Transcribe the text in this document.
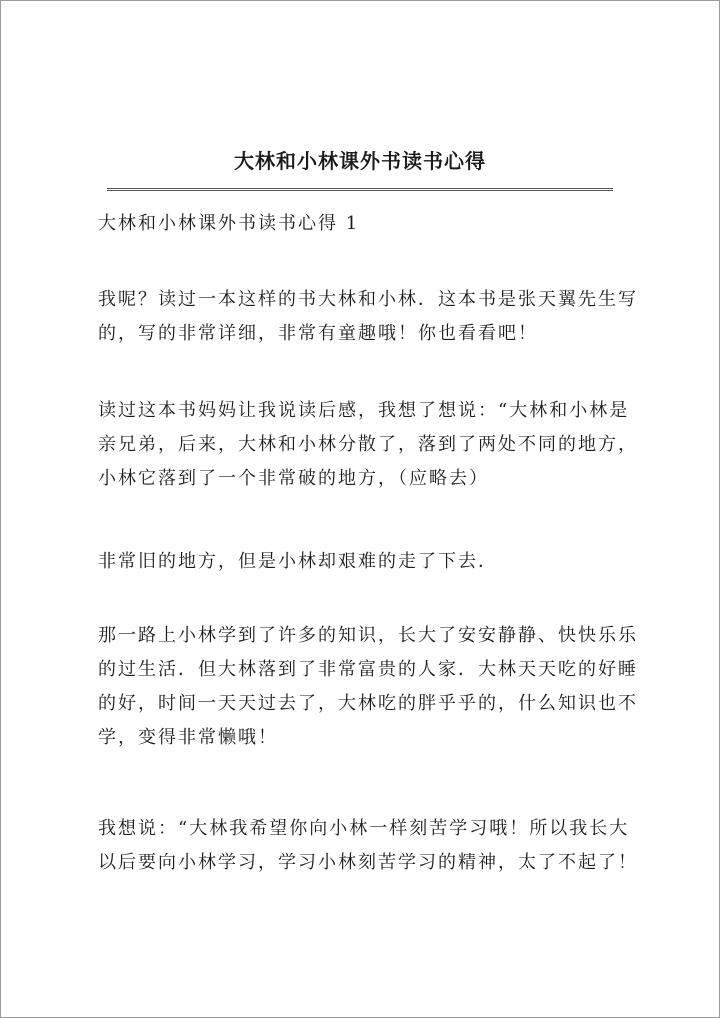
大林和小林课外书读书心得

大林和小林课外书读书心得 1

我呢？读过一本这样的书大林和小林．这本书是张天翼先生写的，写的非常详细，非常有童趣哦！你也看看吧！

读过这本书妈妈让我说读后感，我想了想说：“大林和小林是亲兄弟，后来，大林和小林分散了，落到了两处不同的地方，小林它落到了一个非常破的地方，（应略去）

非常旧的地方，但是小林却艰难的走了下去．

那一路上小林学到了许多的知识，长大了安安静静、快快乐乐的过生活．但大林落到了非常富贵的人家．大林天天吃的好睡的好，时间一天天过去了，大林吃的胖乎乎的，什么知识也不学，变得非常懒哦！

我想说：“大林我希望你向小林一样刻苦学习哦！所以我长大以后要向小林学习，学习小林刻苦学习的精神，太了不起了！
